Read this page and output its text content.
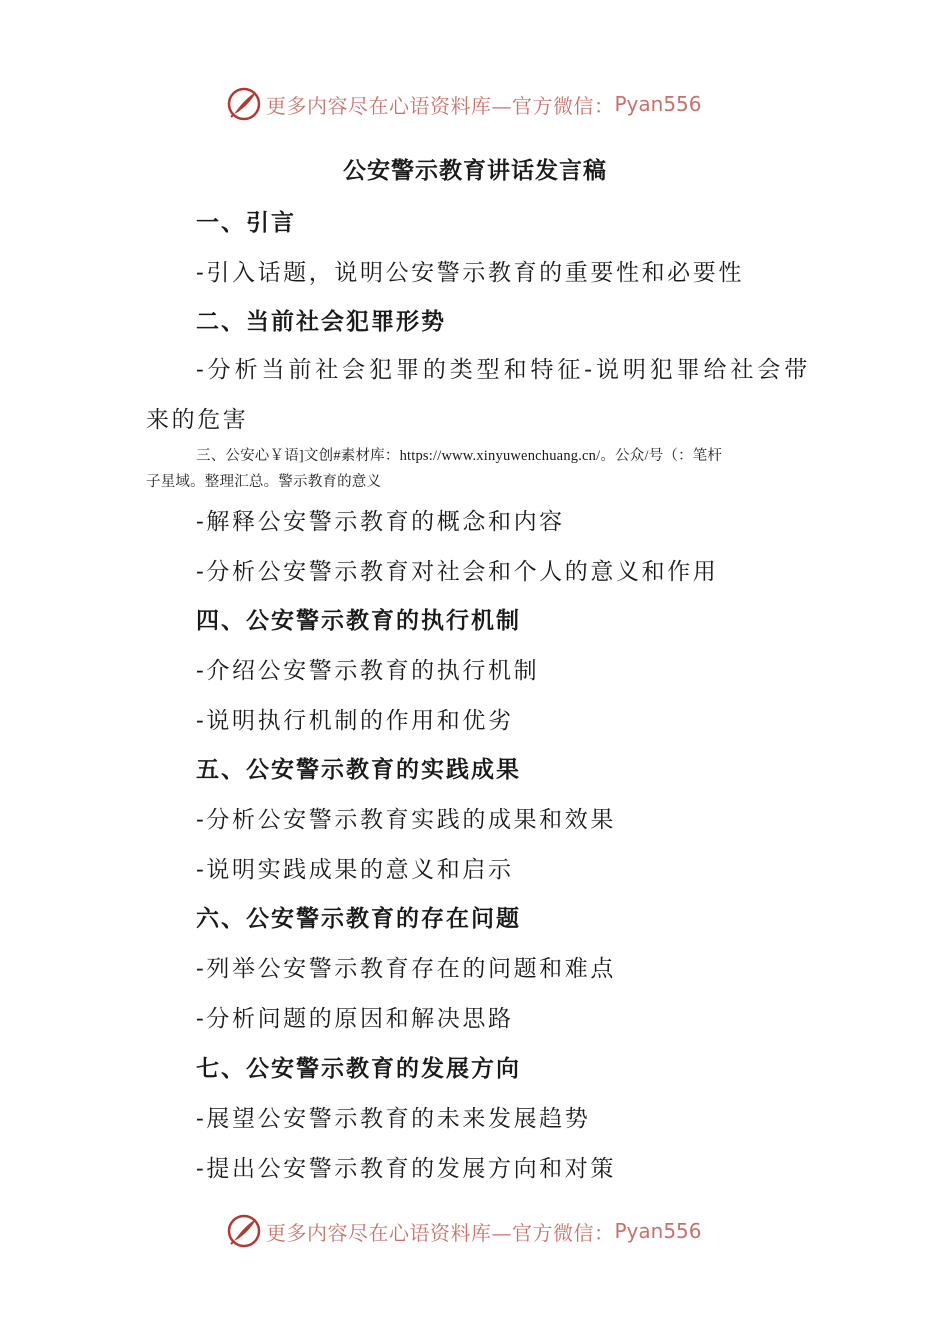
更多内容尽在心语资料库—官方微信： Pyan556
公安警示教育讲话发言稿
一、引言
-引入话题，说明公安警示教育的重要性和必要性
二、当前社会犯罪形势
-分析当前社会犯罪的类型和特征-说明犯罪给社会带
来的危害
三、公安心￥语]文创#素材库：https://www.xinyuwenchuang.cn/。公众/号（：笔杆
子星域。整理汇总。警示教育的意义
-解释公安警示教育的概念和内容
-分析公安警示教育对社会和个人的意义和作用
四、公安警示教育的执行机制
-介绍公安警示教育的执行机制
-说明执行机制的作用和优劣
五、公安警示教育的实践成果
-分析公安警示教育实践的成果和效果
-说明实践成果的意义和启示
六、公安警示教育的存在问题
-列举公安警示教育存在的问题和难点
-分析问题的原因和解决思路
七、公安警示教育的发展方向
-展望公安警示教育的未来发展趋势
-提出公安警示教育的发展方向和对策
更多内容尽在心语资料库—官方微信： Pyan556
